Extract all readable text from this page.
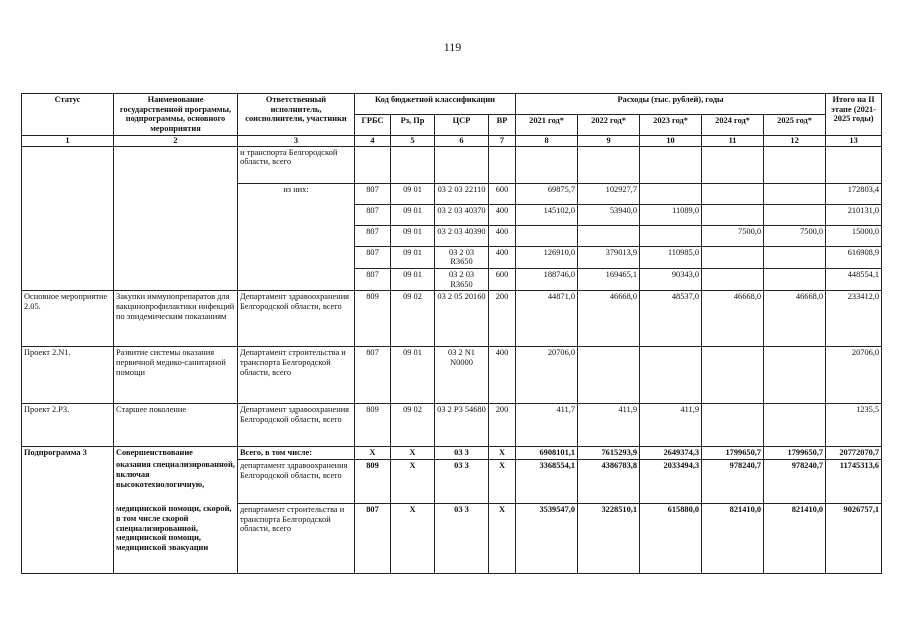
119
Статус	Наименование государственной программы, подпрограммы, основного мероприятия	Ответственный исполнитель, соисполнители, участники	Код бюджетной классификации				Расходы (тыс. рублей), годы					Итого на II этапе (2021-2025 годы)
			ГРБС	Рз, Пр	ЦСР	ВР	2021 год*	2022 год*	2023 год*	2024 год*	2025 год*	
1	2	3	4	5	6	7	8	9	10	11	12	13
		и транспорта Белгородской области, всего										
		из них:	807	09 01	03 2 03 22110	600	69875,7	102927,7				172803,4
			807	09 01	03 2 03 40370	400	145102,0	53940,0	11089,0			210131,0
			807	09 01	03 2 03 40390	400				7500,0	7500,0	15000,0
			807	09 01	03 2 03 R3650	400	126910,0	379013,9	110985,0			616908,9
			807	09 01	03 2 03 R3650	600	188746,0	169465,1	90343,0			448554,1
Основное мероприятие 2.05.	Закупки иммунопрепаратов для вакцинопрофилактики инфекций по эпидемическим показаниям	Департамент здравоохранения Белгородской области, всего	809	09 02	03 2 05 20160	200	44871,0	46668,0	48537,0	46668,0	46668,0	233412,0
Проект 2.N1.	Развитие системы оказания первичной медико-санитарной помощи	Департамент строительства и транспорта Белгородской области, всего	807	09 01	03 2 N1 N0000	400	20706,0					20706,0
Проект 2.P3.	Старшее поколение	Департамент здравоохранения Белгородской области, всего	809	09 02	03 2 P3 54680	200	411,7	411,9	411,9			1235,5
Подпрограмма 3	Совершенствование	Всего, в том числе:	X	X	03 3	X	6908101,1	7615293,9	2649374,3	1799650,7	1799650,7	20772070,7
	оказания специализированной, включая высокотехнологичную,	департамент здравоохранения Белгородской области, всего	809	X	03 3	X	3368554,1	4386783,8	2033494,3	978240,7	978240,7	11745313,6
	медицинской помощи, скорой, в том числе скорой специализированной, медицинской помощи, медицинской эвакуации	департамент строительства и транспорта Белгородской области, всего	807	X	03 3	X	3539547,0	3228510,1	615880,0	821410,0	821410,0	9026757,1
